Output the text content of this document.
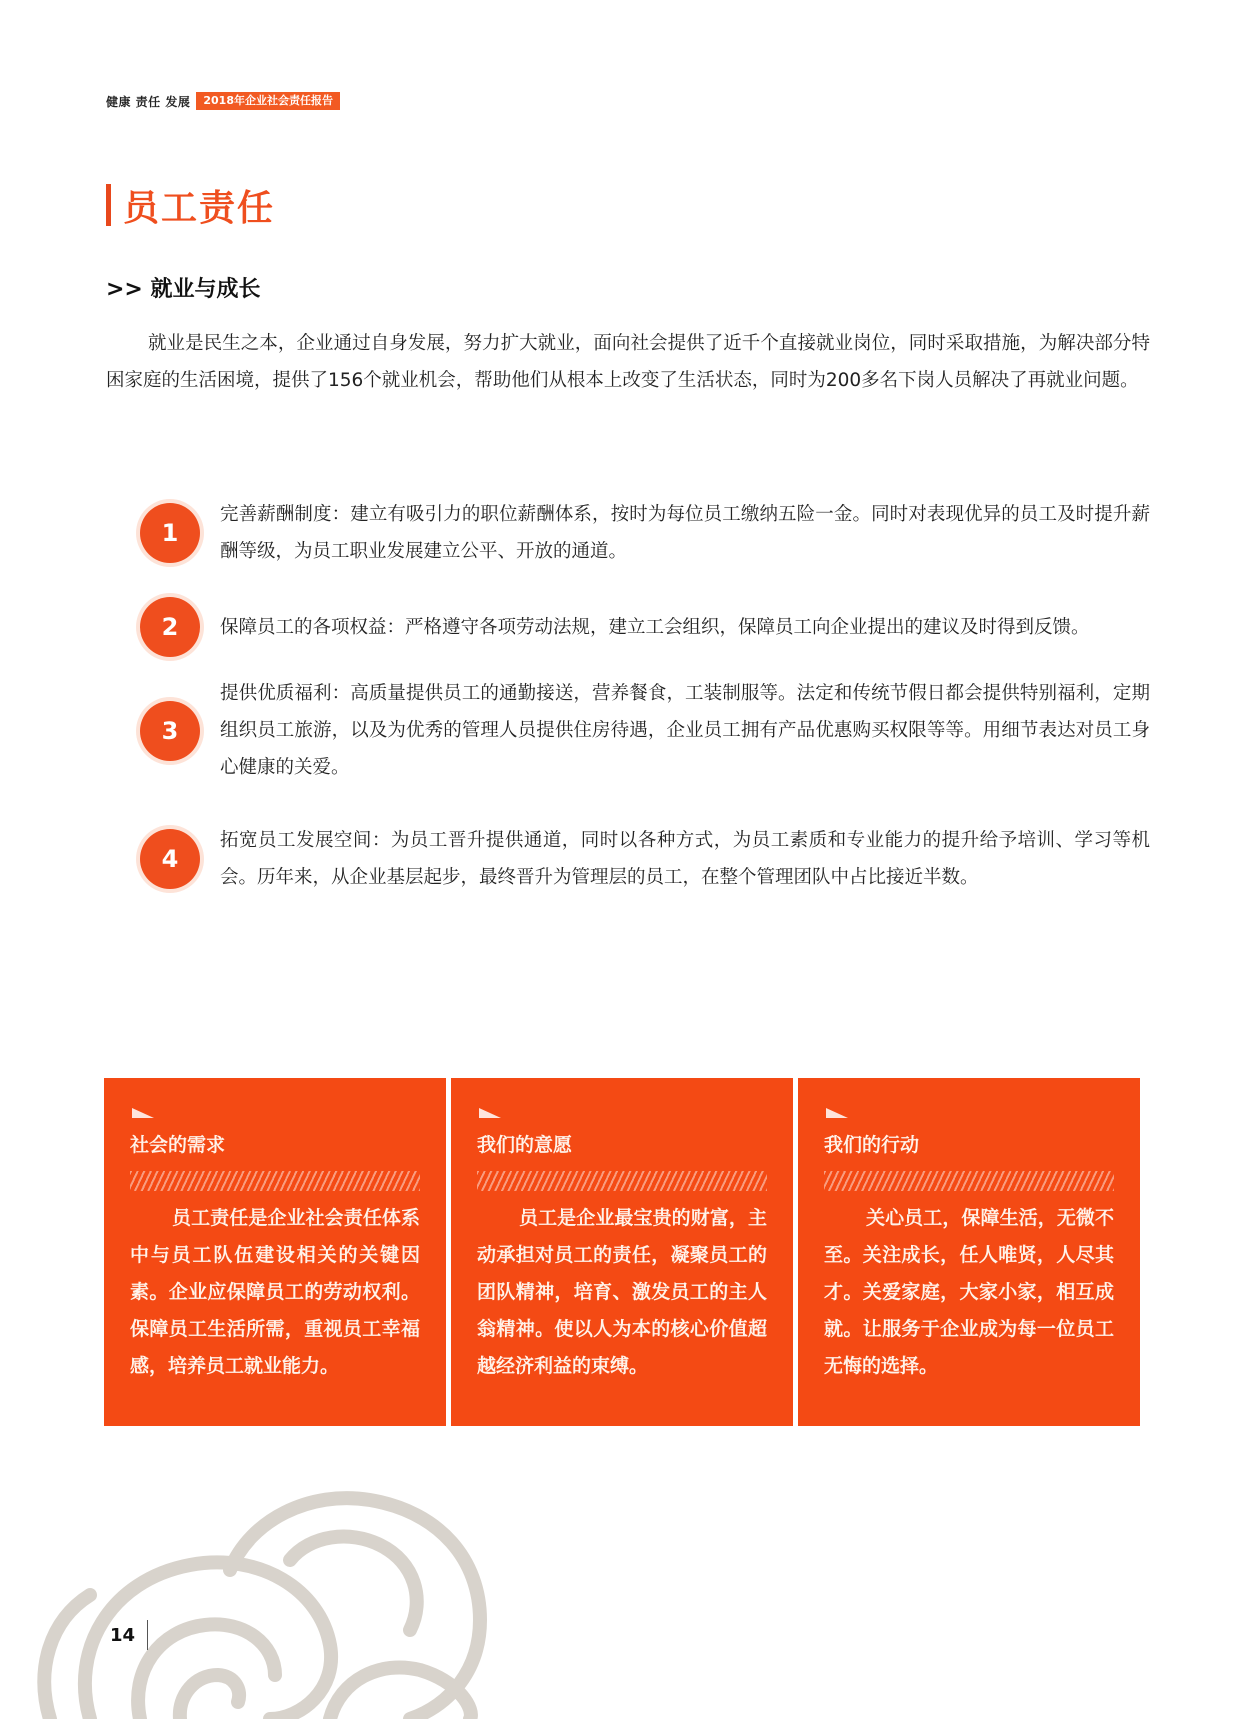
健康 责任 发展	2018年企业社会责任报告
员工责任
>> 就业与成长

就业是民生之本，企业通过自身发展，努力扩大就业，面向社会提供了近千个直接就业岗位，同时采取措施，为解决部分特困家庭的生活困境，提供了156个就业机会，帮助他们从根本上改变了生活状态，同时为200多名下岗人员解决了再就业问题。

1
完善薪酬制度：建立有吸引力的职位薪酬体系，按时为每位员工缴纳五险一金。同时对表现优异的员工及时提升薪酬等级，为员工职业发展建立公平、开放的通道。
2	保障员工的各项权益：严格遵守各项劳动法规，建立工会组织，保障员工向企业提出的建议及时得到反馈。
3
提供优质福利：高质量提供员工的通勤接送，营养餐食，工装制服等。法定和传统节假日都会提供特别福利，定期组织员工旅游，以及为优秀的管理人员提供住房待遇，企业员工拥有产品优惠购买权限等等。用细节表达对员工身心健康的关爱。
4
拓宽员工发展空间：为员工晋升提供通道，同时以各种方式，为员工素质和专业能力的提升给予培训、学习等机会。历年来，从企业基层起步，最终晋升为管理层的员工，在整个管理团队中占比接近半数。
社会的需求
员工责任是企业社会责任体系中与员工队伍建设相关的关键因素。企业应保障员工的劳动权利。保障员工生活所需，重视员工幸福感，培养员工就业能力。
我们的意愿
员工是企业最宝贵的财富，主动承担对员工的责任，凝聚员工的团队精神，培育、激发员工的主人翁精神。使以人为本的核心价值超越经济利益的束缚。
我们的行动
关心员工，保障生活，无微不至。关注成长，任人唯贤，人尽其才。关爱家庭，大家小家，相互成就。让服务于企业成为每一位员工无悔的选择。
14
